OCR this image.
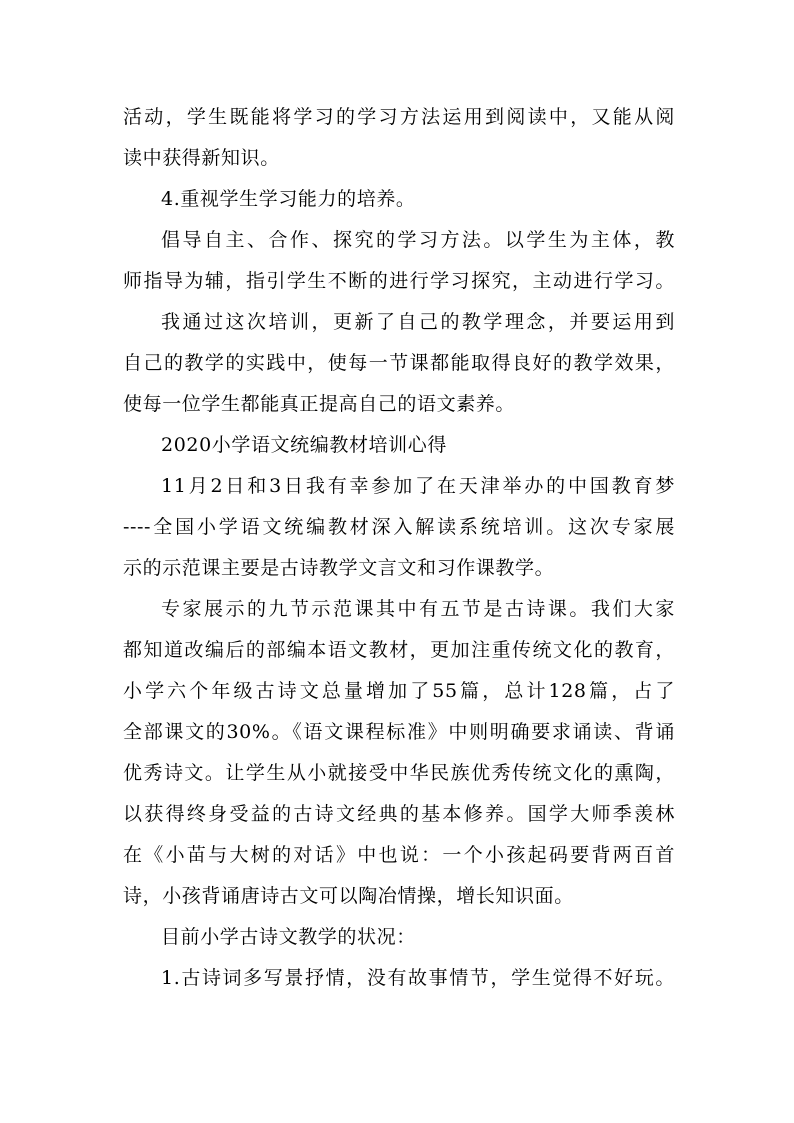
活动，学生既能将学习的学习方法运用到阅读中，又能从阅
读中获得新知识。
4.重视学生学习能力的培养。
倡导自主、合作、探究的学习方法。以学生为主体，教
师指导为辅，指引学生不断的进行学习探究，主动进行学习。
我通过这次培训，更新了自己的教学理念，并要运用到
自己的教学的实践中，使每一节课都能取得良好的教学效果，
使每一位学生都能真正提高自己的语文素养。
2020小学语文统编教材培训心得
11月2日和3日我有幸参加了在天津举办的中国教育梦
----全国小学语文统编教材深入解读系统培训。这次专家展
示的示范课主要是古诗教学文言文和习作课教学。
专家展示的九节示范课其中有五节是古诗课。我们大家
都知道改编后的部编本语文教材，更加注重传统文化的教育，
小学六个年级古诗文总量增加了55篇，总计128篇，占了
全部课文的30%。《语文课程标准》中则明确要求诵读、背诵
优秀诗文。让学生从小就接受中华民族优秀传统文化的熏陶，
以获得终身受益的古诗文经典的基本修养。国学大师季羡林
在《小苗与大树的对话》中也说：一个小孩起码要背两百首
诗，小孩背诵唐诗古文可以陶冶情操，增长知识面。
目前小学古诗文教学的状况：
1.古诗词多写景抒情，没有故事情节，学生觉得不好玩。
